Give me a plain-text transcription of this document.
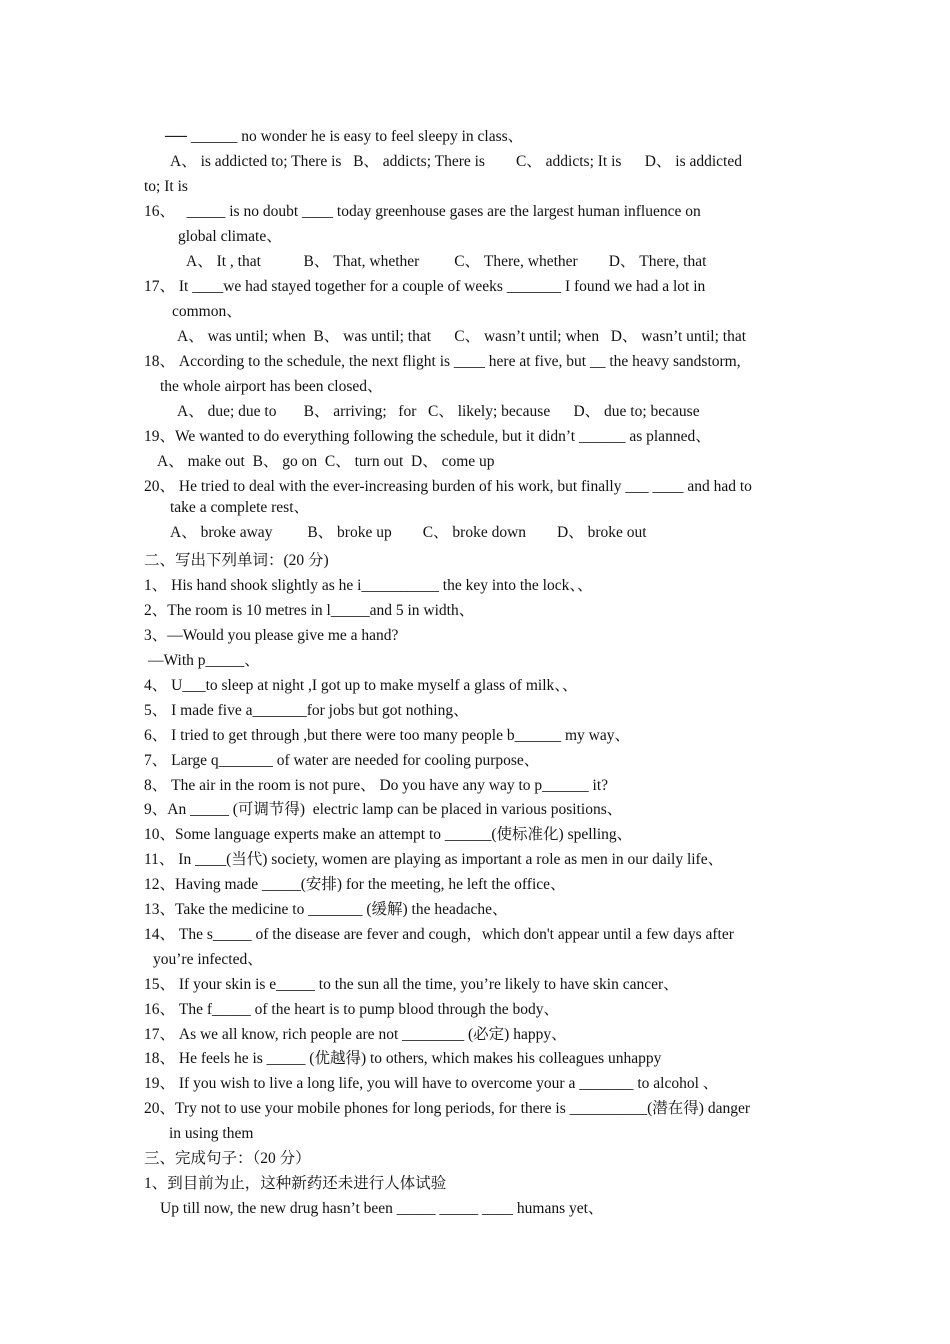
── ______ no wonder he is easy to feel sleepy in class、
A、 is addicted to; There is   B、 addicts; There is        C、 addicts; It is      D、 is addicted
to; It is
16、   _____ is no doubt ____ today greenhouse gases are the largest human influence on
global climate、
A、 It , that           B、 That, whether         C、 There, whether        D、 There, that
17、 It ____we had stayed together for a couple of weeks _______ I found we had a lot in
common、
A、 was until; when  B、 was until; that      C、 wasn’t until; when   D、 wasn’t until; that
18、 According to the schedule, the next flight is ____ here at five, but __ the heavy sandstorm,
the whole airport has been closed、
A、 due; due to       B、 arriving;   for   C、 likely; because      D、 due to; because
19、We wanted to do everything following the schedule, but it didn’t ______ as planned、
A、 make out  B、 go on  C、 turn out  D、 come up
20、 He tried to deal with the ever-increasing burden of his work, but finally ___ ____ and had to
take a complete rest、
A、 broke away         B、 broke up        C、 broke down        D、 broke out
二、写出下列单词：(20 分)
1、 His hand shook slightly as he i__________ the key into the lock、、
2、The room is 10 metres in l_____and 5 in width、
3、—Would you please give me a hand?
—With p_____、
4、 U___to sleep at night ,I got up to make myself a glass of milk、、
5、 I made five a_______for jobs but got nothing、
6、 I tried to get through ,but there were too many people b______ my way、
7、 Large q_______ of water are needed for cooling purpose、
8、 The air in the room is not pure、 Do you have any way to p______ it?
9、An _____ (可调节得)  electric lamp can be placed in various positions、
10、Some language experts make an attempt to ______(使标准化) spelling、
11、 In ____(当代) society, women are playing as important a role as men in our daily life、
12、Having made _____(安排) for the meeting, he left the office、
13、Take the medicine to _______ (缓解) the headache、
14、 The s_____ of the disease are fever and cough，which don't appear until a few days after
you’re infected、
15、 If your skin is e_____ to the sun all the time, you’re likely to have skin cancer、
16、 The f_____ of the heart is to pump blood through the body、
17、 As we all know, rich people are not ________ (必定) happy、
18、 He feels he is _____ (优越得) to others, which makes his colleagues unhappy
19、 If you wish to live a long life, you will have to overcome your a _______ to alcohol 、
20、Try not to use your mobile phones for long periods, for there is __________(潜在得) danger
in using them
三、完成句子：（20 分）
1、到目前为止，这种新药还未进行人体试验
Up till now, the new drug hasn’t been _____ _____ ____ humans yet、
